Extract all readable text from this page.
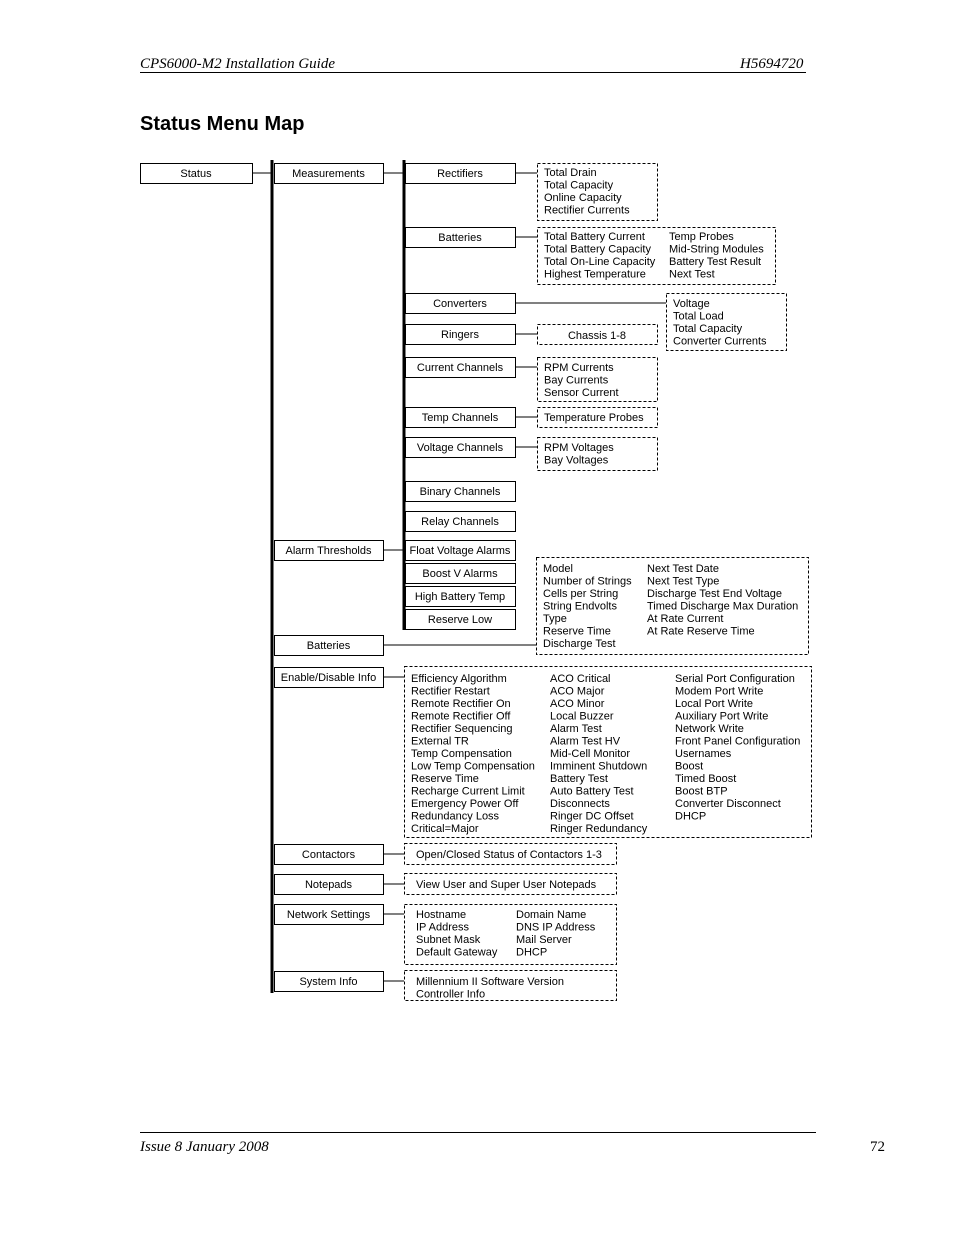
CPS6000-M2 Installation Guide	H5694720
Status Menu Map
Status	Measurements
Alarm Thresholds
Batteries
Enable/Disable Info
Contactors
Notepads
Network Settings
System Info
Rectifiers
Batteries
Converters
Ringers
Current Channels
Temp Channels
Voltage Channels
Binary Channels
Relay Channels
Float Voltage Alarms
Boost V Alarms
High Battery Temp
Reserve Low
Total Drain
Total Capacity
Online Capacity
Rectifier Currents
Total Battery Current
Total Battery Capacity
Total On-Line Capacity
Highest Temperature
Temp Probes
Mid-String Modules
Battery Test Result
Next Test
Voltage
Total Load
Total Capacity
Converter Currents
Chassis 1-8
RPM Currents
Bay Currents
Sensor Current
Temperature Probes
RPM Voltages
Bay Voltages
Model
Number of Strings
Cells per String
String Endvolts
Type
Reserve Time
Discharge Test
Next Test Date
Next Test Type
Discharge Test End Voltage
Timed Discharge Max Duration
At Rate Current
At Rate Reserve Time
Efficiency Algorithm
Rectifier Restart
Remote Rectifier On
Remote Rectifier Off
Rectifier Sequencing
External TR
Temp Compensation
Low Temp Compensation
Reserve Time
Recharge Current Limit
Emergency Power Off
Redundancy Loss
Critical=Major
ACO Critical
ACO Major
ACO Minor
Local Buzzer
Alarm Test
Alarm Test HV
Mid-Cell Monitor
Imminent Shutdown
Battery Test
Auto Battery Test
Disconnects
Ringer DC Offset
Ringer Redundancy
Serial Port Configuration
Modem Port Write
Local Port Write
Auxiliary Port Write
Network Write
Front Panel Configuration
Usernames
Boost
Timed Boost
Boost BTP
Converter Disconnect
DHCP
Open/Closed Status of Contactors 1-3
View User and Super User Notepads
Hostname
IP Address
Subnet Mask
Default Gateway
Domain Name
DNS IP Address
Mail Server
DHCP
Millennium II Software Version
Controller Info
Issue 8 January 2008	72
